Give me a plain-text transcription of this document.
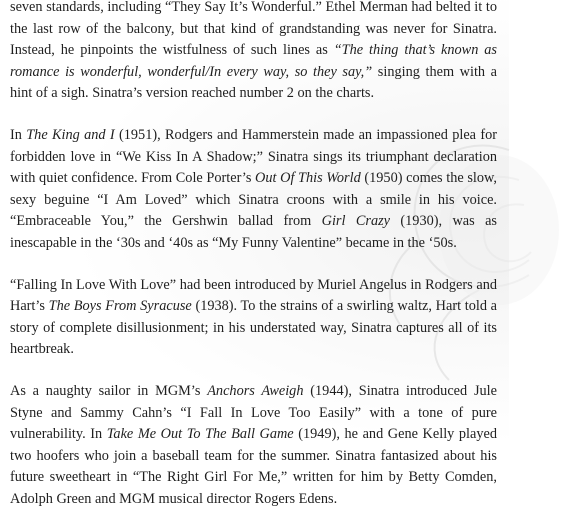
seven standards, including “They Say It’s Wonderful.” Ethel Merman had belted it to the last row of the balcony, but that kind of grandstanding was never for Sinatra. Instead, he pinpoints the wistfulness of such lines as “The thing that’s known as romance is wonderful, wonderful/In every way, so they say,” singing them with a hint of a sigh. Sinatra’s version reached number 2 on the charts.

In The King and I (1951), Rodgers and Hammerstein made an impassioned plea for forbidden love in “We Kiss In A Shadow;” Sinatra sings its triumphant declaration with quiet confidence. From Cole Porter’s Out Of This World (1950) comes the slow, sexy beguine “I Am Loved” which Sinatra croons with a smile in his voice. “Embraceable You,” the Gershwin ballad from Girl Crazy (1930), was as inescapable in the ‘30s and ‘40s as “My Funny Valentine” became in the ‘50s.

“Falling In Love With Love” had been introduced by Muriel Angelus in Rodgers and Hart’s The Boys From Syracuse (1938). To the strains of a swirling waltz, Hart told a story of complete disillusionment; in his understated way, Sinatra captures all of its heartbreak.

As a naughty sailor in MGM’s Anchors Aweigh (1944), Sinatra introduced Jule Styne and Sammy Cahn’s “I Fall In Love Too Easily” with a tone of pure vulnerability. In Take Me Out To The Ball Game (1949), he and Gene Kelly played two hoofers who join a baseball team for the summer. Sinatra fantasized about his future sweetheart in “The Right Girl For Me,” written for him by Betty Comden, Adolph Green and MGM musical director Rogers Edens.
